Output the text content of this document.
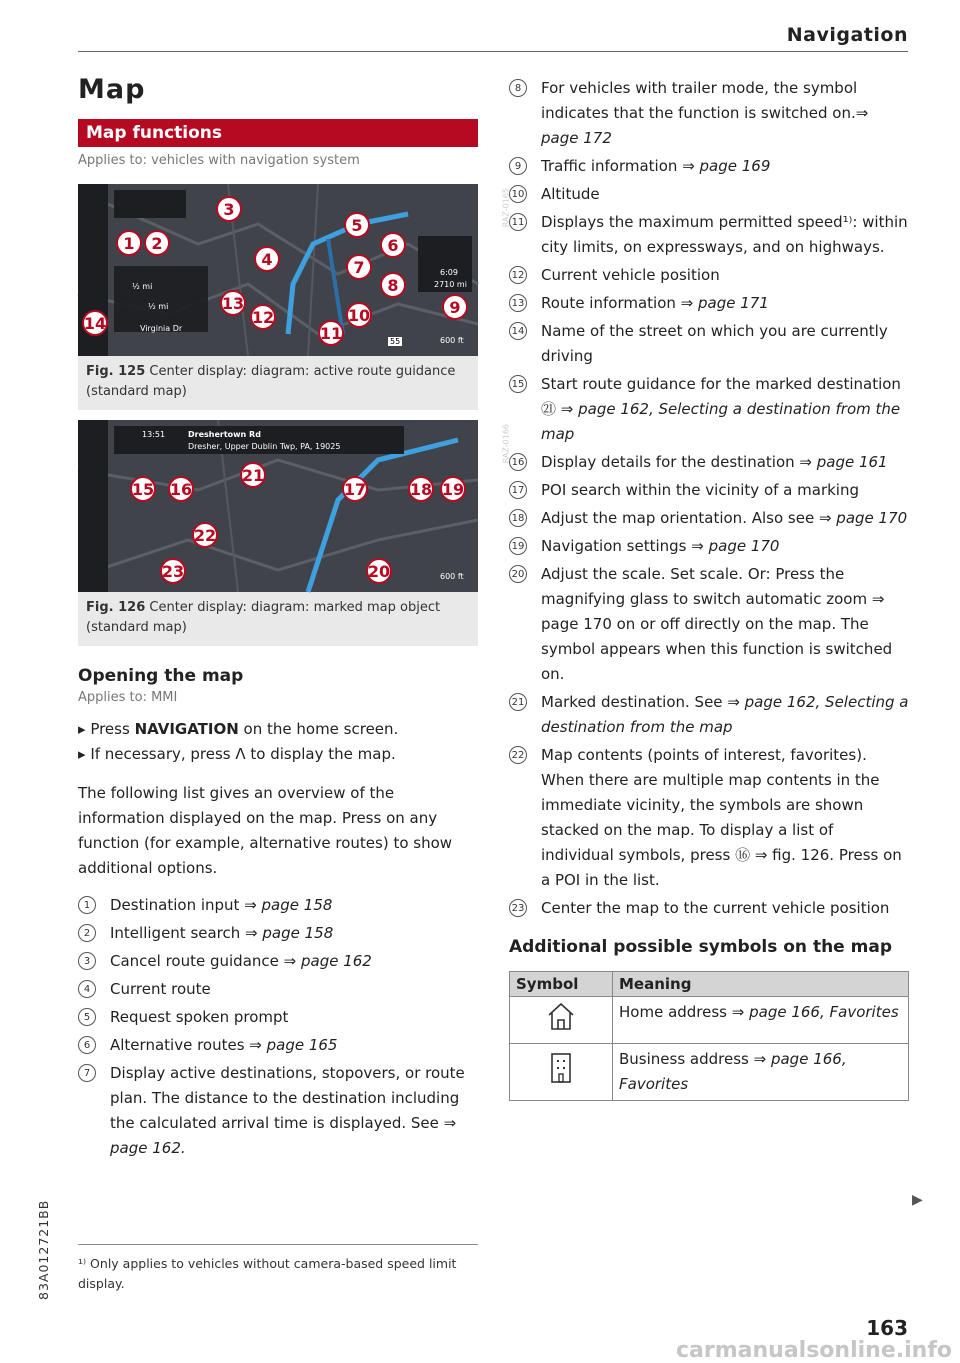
Navigation
Map
Map functions

Applies to: vehicles with navigation system

½ mi
½ mi
Virginia Dr
6:09
2710 mi
600 ft
55
RAZ-0165
1	2
3
4
5
6
7
8
9
10
11
12
13
14
Fig. 125 Center display: diagram: active route guidance (standard map)
13:51	Dreshertown Rd
Dresher, Upper Dublin Twp, PA, 19025
600 ft
RAZ-0166
15 16	17	18 19
20
21
22
23
Fig. 126 Center display: diagram: marked map object (standard map)
Opening the map

Applies to: MMI

▸ Press NAVIGATION on the home screen.

▸ If necessary, press Ʌ to display the map.

The following list gives an overview of the information displayed on the map. Press on any function (for example, alternative routes) to show additional options.

1	Destination input ⇒ page 158
2	Intelligent search ⇒ page 158
3	Cancel route guidance ⇒ page 162
4	Current route
5	Request spoken prompt
6	Alternative routes ⇒ page 165
7	Display active destinations, stopovers, or route plan. The distance to the destination including the calculated arrival time is displayed. See ⇒ page 162.
8	For vehicles with trailer mode, the symbol indicates that the function is switched on.⇒ page 172
9	Traffic information ⇒ page 169
10 Altitude
11 Displays the maximum permitted speed¹⁾: within city limits, on expressways, and on highways.
12 Current vehicle position
13 Route information ⇒ page 171
14 Name of the street on which you are currently driving
15 Start route guidance for the marked destination ㉑ ⇒ page 162, Selecting a destination from the map
16 Display details for the destination ⇒ page 161
17 POI search within the vicinity of a marking
18 Adjust the map orientation. Also see ⇒ page 170
19 Navigation settings ⇒ page 170
20 Adjust the scale. Set scale. Or: Press the magnifying glass to switch automatic zoom ⇒ page 170 on or off directly on the map. The symbol appears when this function is switched on.
21 Marked destination. See ⇒ page 162, Selecting a destination from the map
22 Map contents (points of interest, favorites). When there are multiple map contents in the immediate vicinity, the symbols are shown stacked on the map. To display a list of individual symbols, press ⑯ ⇒ fig. 126. Press on a POI in the list.
23 Center the map to the current vehicle position
Additional possible symbols on the map
Symbol	Meaning
	Home address ⇒ page 166, Favorites
	Business address ⇒ page 166, Favorites
▶
¹⁾ Only applies to vehicles without camera-based speed limit display.
83A012721BB
163
carmanualsonline.info
